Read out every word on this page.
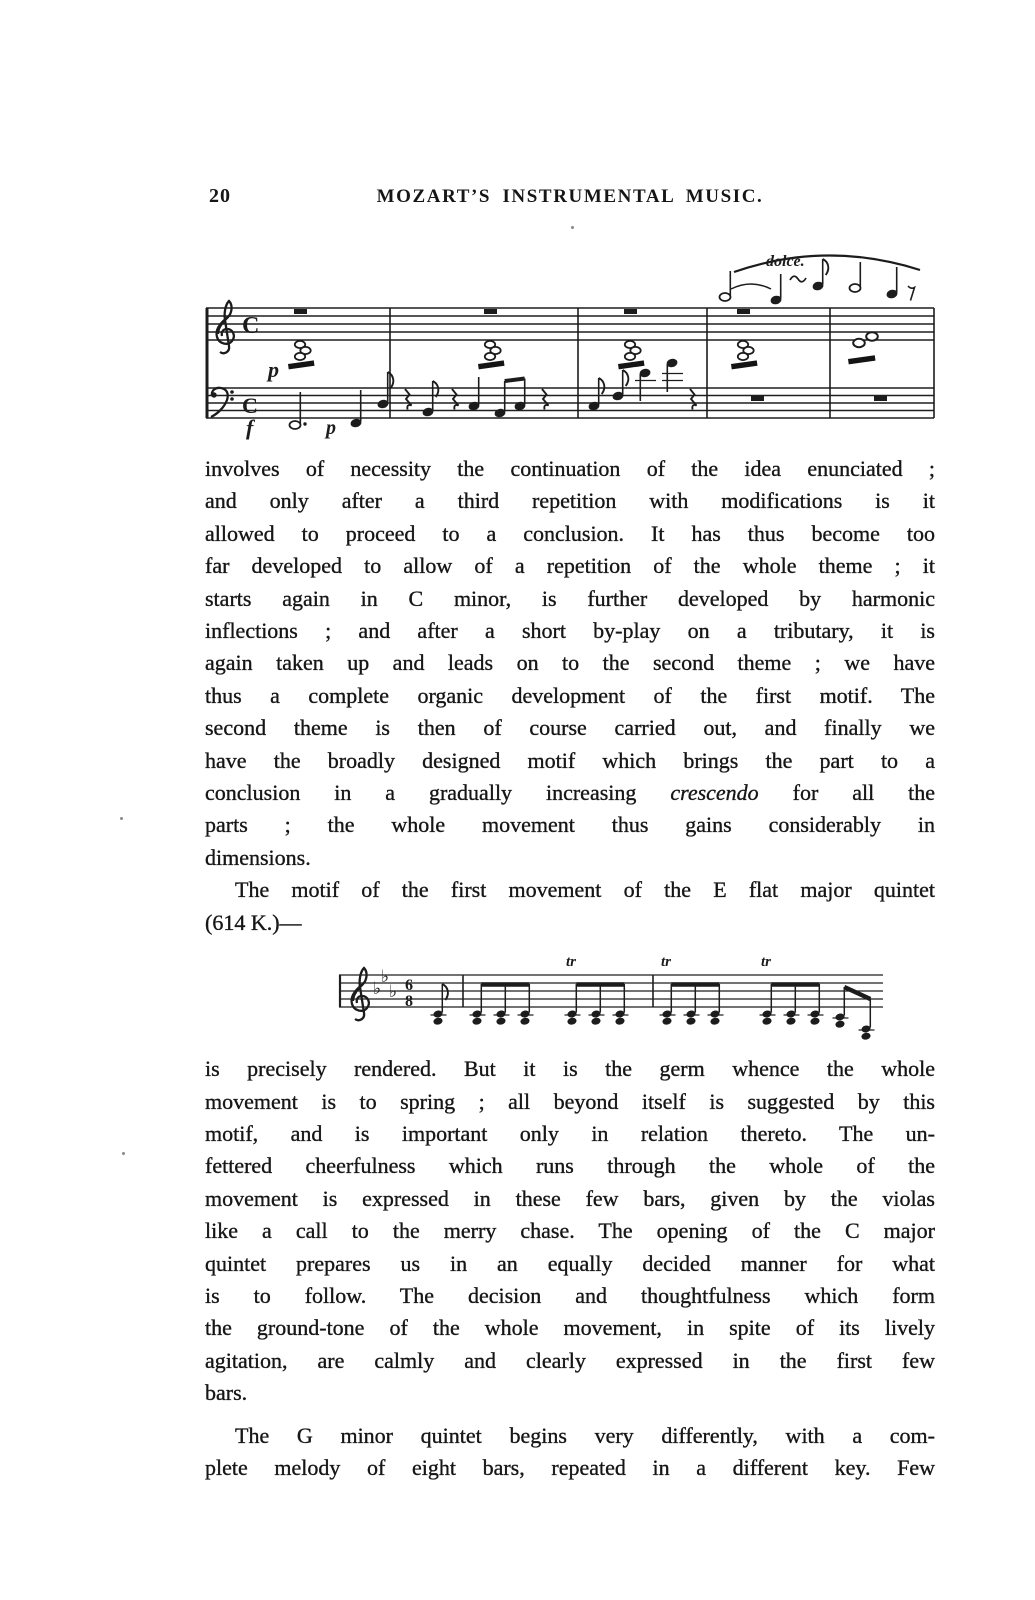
20	MOZART’S INSTRUMENTAL MUSIC.
C
C
p
dolce.
f	p
involves of necessity the continuation of the idea enunciated ;
and only after a third repetition with modifications is it
allowed to proceed to a conclusion. It has thus become too
far developed to allow of a repetition of the whole theme ; it
starts again in C minor, is further developed by harmonic
inflections ; and after a short by-play on a tributary, it is
again taken up and leads on to the second theme ; we have
thus a complete organic development of the first motif. The
second theme is then of course carried out, and finally we
have the broadly designed motif which brings the part to a
conclusion in a gradually increasing crescendo for all the
parts ; the whole movement thus gains considerably in
dimensions.
The motif of the first movement of the E flat major quintet
(614 K.)—
♭
♭
♭ 6
8
tr	tr	tr
is precisely rendered. But it is the germ whence the whole
movement is to spring ; all beyond itself is suggested by this
motif, and is important only in relation thereto. The un-
fettered cheerfulness which runs through the whole of the
movement is expressed in these few bars, given by the violas
like a call to the merry chase. The opening of the C major
quintet prepares us in an equally decided manner for what
is to follow. The decision and thoughtfulness which form
the ground-tone of the whole movement, in spite of its lively
agitation, are calmly and clearly expressed in the first few
bars.
The G minor quintet begins very differently, with a com-
plete melody of eight bars, repeated in a different key. Few
